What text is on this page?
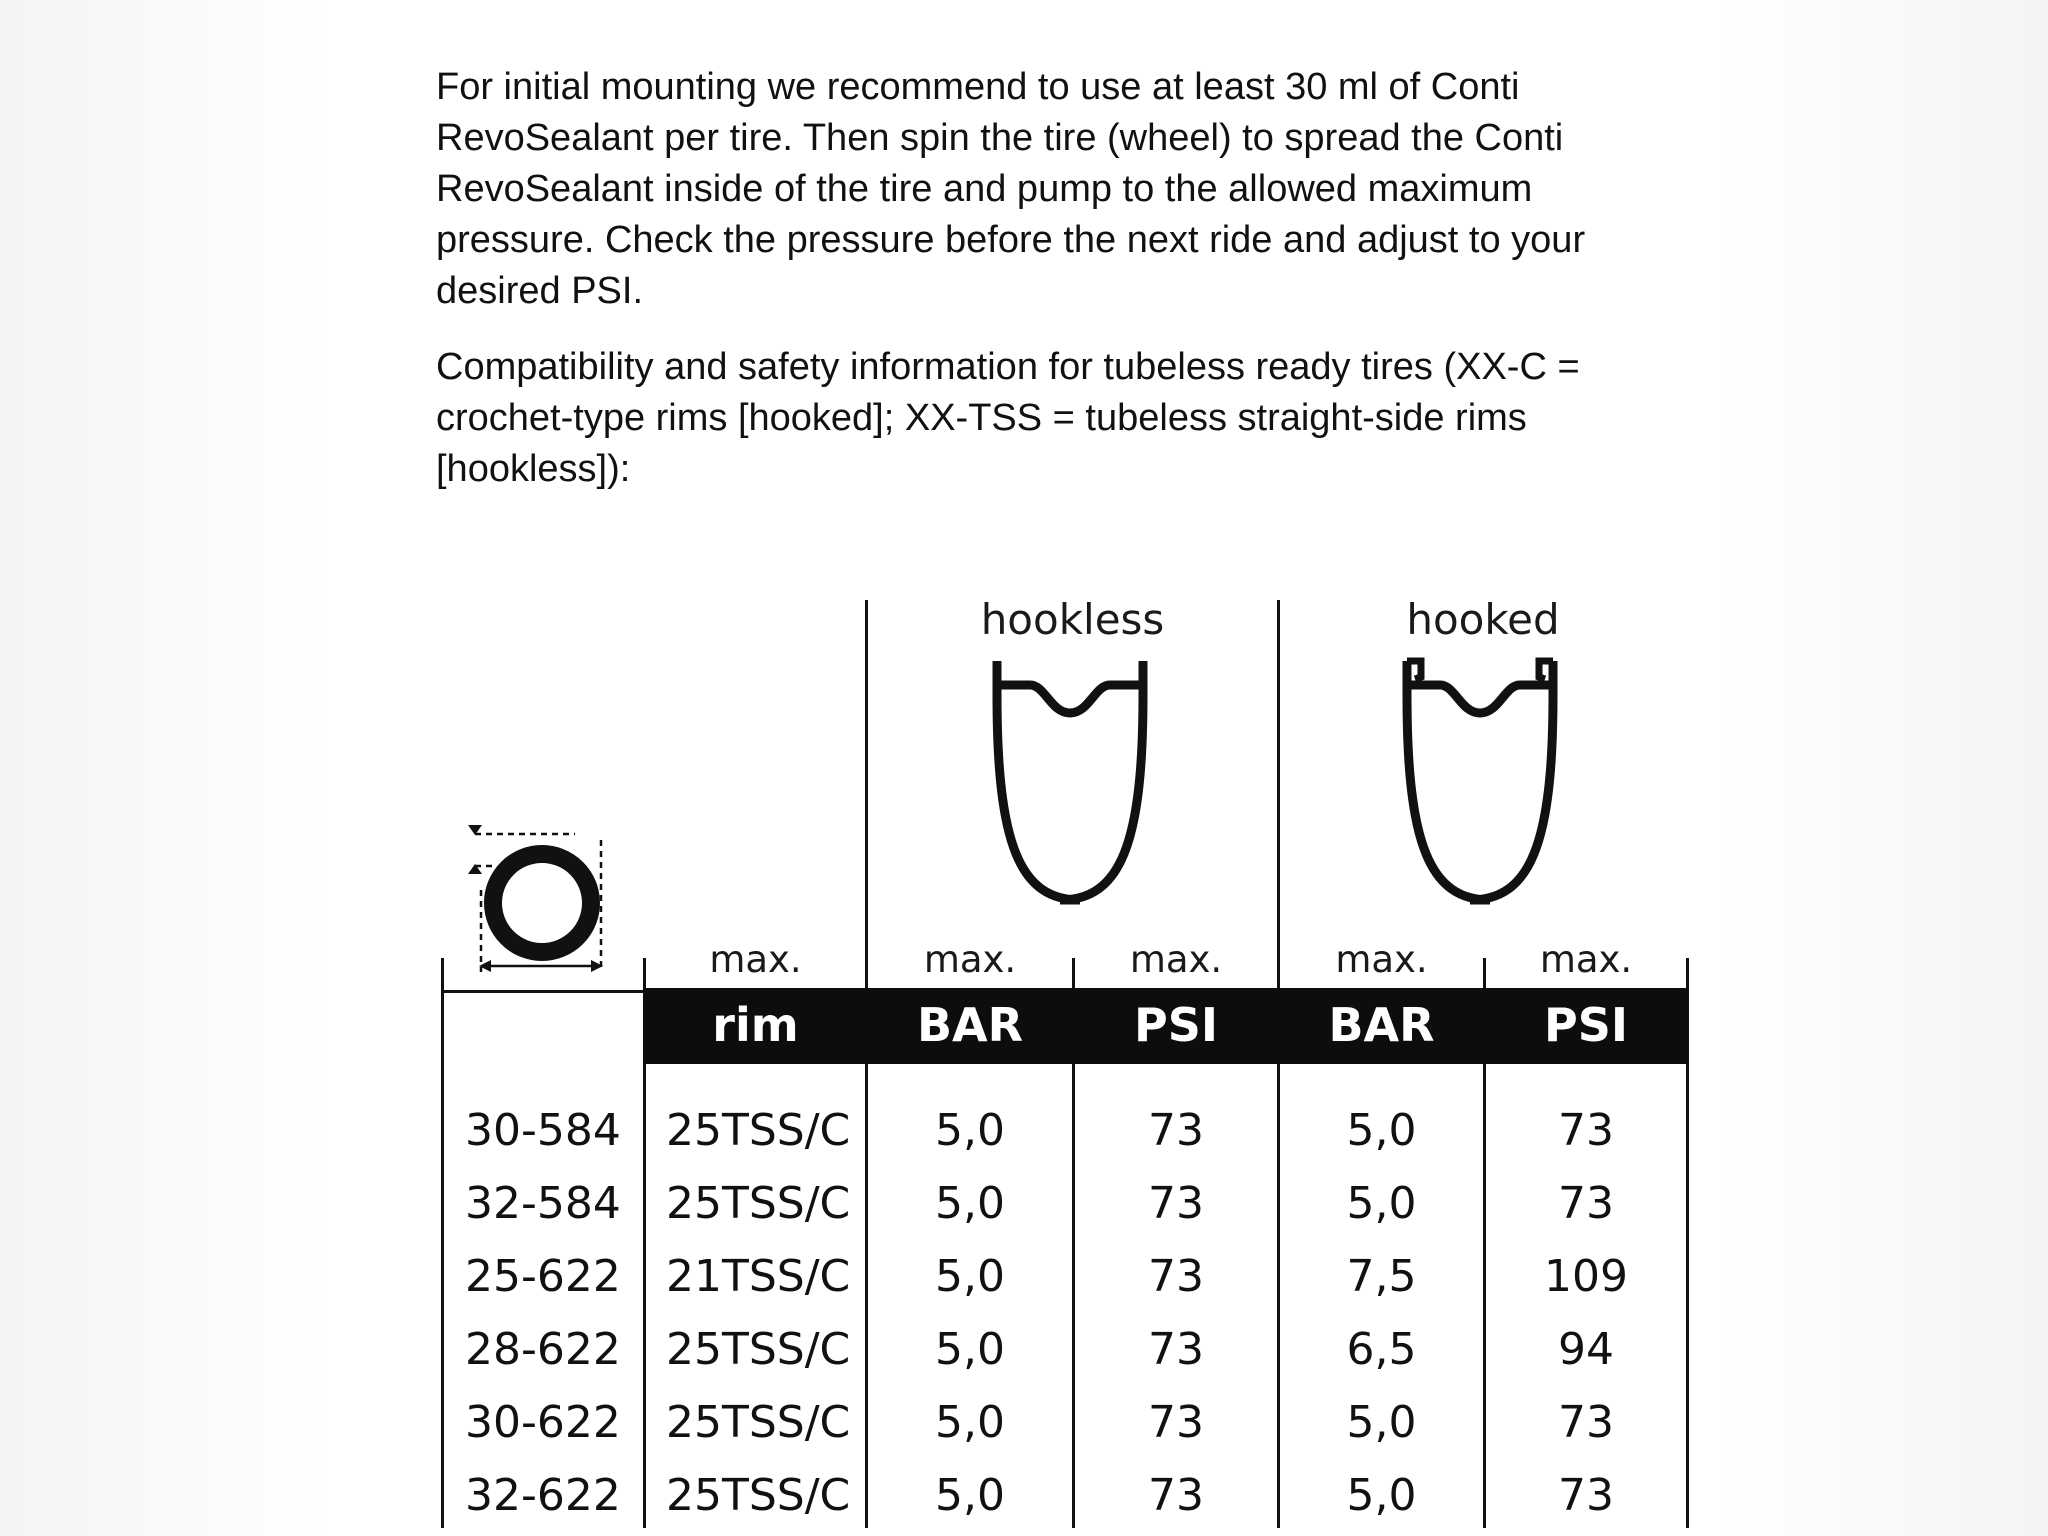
For initial mounting we recommend to use at least 30 ml of Conti RevoSealant per tire. Then spin the tire (wheel) to spread the Conti RevoSealant inside of the tire and pump to the allowed maximum pressure. Check the pressure before the next ride and adjust to your desired PSI.

Compatibility and safety information for tubeless ready tires (XX-C = crochet-type rims [hooked]; XX-TSS = tubeless straight-side rims [hookless]):

hookless	hooked
max.	max.	max.	max.	max.
rim	BAR	PSI	BAR	PSI
30-584 25TSS/C	5,0	73	5,0	73
32-584 25TSS/C	5,0	73	5,0	73
25-622 21TSS/C	5,0	73	7,5	109
28-622 25TSS/C	5,0	73	6,5	94
30-622 25TSS/C	5,0	73	5,0	73
32-622 25TSS/C	5,0	73	5,0	73
